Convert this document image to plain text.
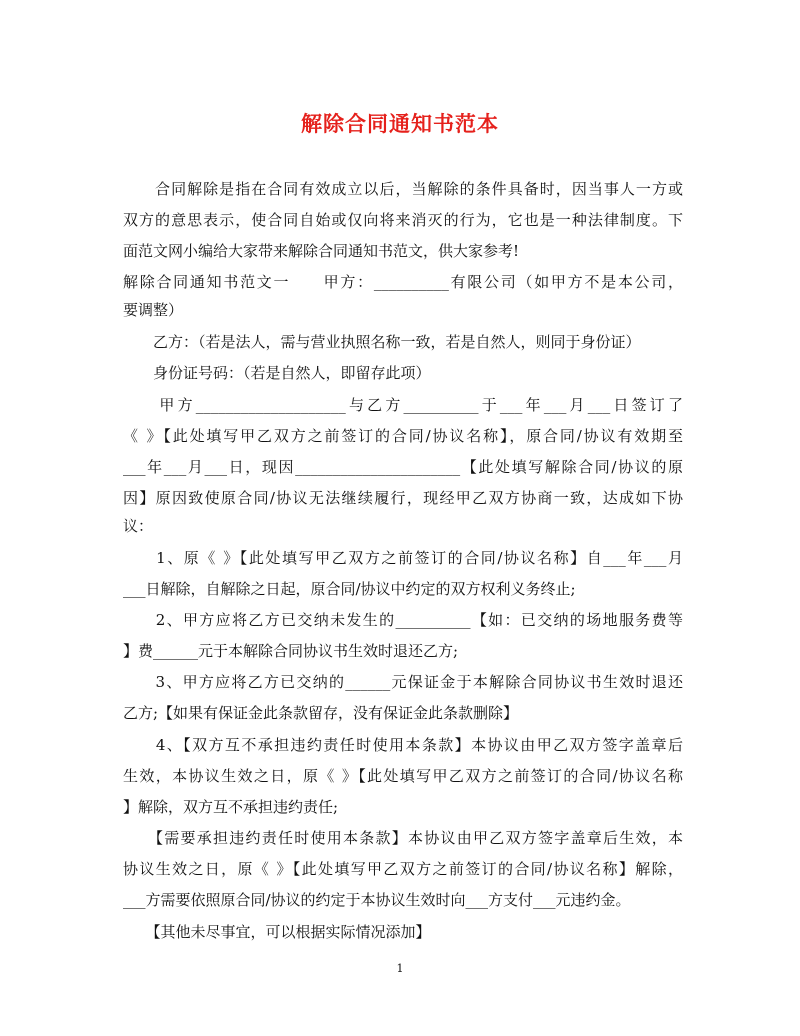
解除合同通知书范本
　　合同解除是指在合同有效成立以后，当解除的条件具备时，因当事人一方或
双方的意思表示，使合同自始或仅向将来消灭的行为，它也是一种法律制度。下
面范文网小编给大家带来解除合同通知书范文，供大家参考!
解除合同通知书范文一　　甲方：__________有限公司（如甲方不是本公司，
要调整）
　　乙方：（若是法人，需与营业执照名称一致，若是自然人，则同于身份证）
　　身份证号码：（若是自然人，即留存此项）
　　甲方____________________与乙方__________于___年___月___日签订了
《 》【此处填写甲乙双方之前签订的合同/协议名称】，原合同/协议有效期至
___年___月___日，现因______________________【此处填写解除合同/协议的原
因】原因致使原合同/协议无法继续履行，现经甲乙双方协商一致，达成如下协
议：
　　1、原《 》【此处填写甲乙双方之前签订的合同/协议名称】自___年___月
___日解除，自解除之日起，原合同/协议中约定的双方权利义务终止;
　　2、甲方应将乙方已交纳未发生的__________【如：已交纳的场地服务费等
】费______元于本解除合同协议书生效时退还乙方;
　　3、甲方应将乙方已交纳的______元保证金于本解除合同协议书生效时退还
乙方;【如果有保证金此条款留存，没有保证金此条款删除】
　　4、【双方互不承担违约责任时使用本条款】本协议由甲乙双方签字盖章后
生效，本协议生效之日，原《 》【此处填写甲乙双方之前签订的合同/协议名称
】解除，双方互不承担违约责任;
　　【需要承担违约责任时使用本条款】本协议由甲乙双方签字盖章后生效，本
协议生效之日，原《 》【此处填写甲乙双方之前签订的合同/协议名称】解除，
___方需要依照原合同/协议的约定于本协议生效时向___方支付___元违约金。
　　【其他未尽事宜，可以根据实际情况添加】
1
